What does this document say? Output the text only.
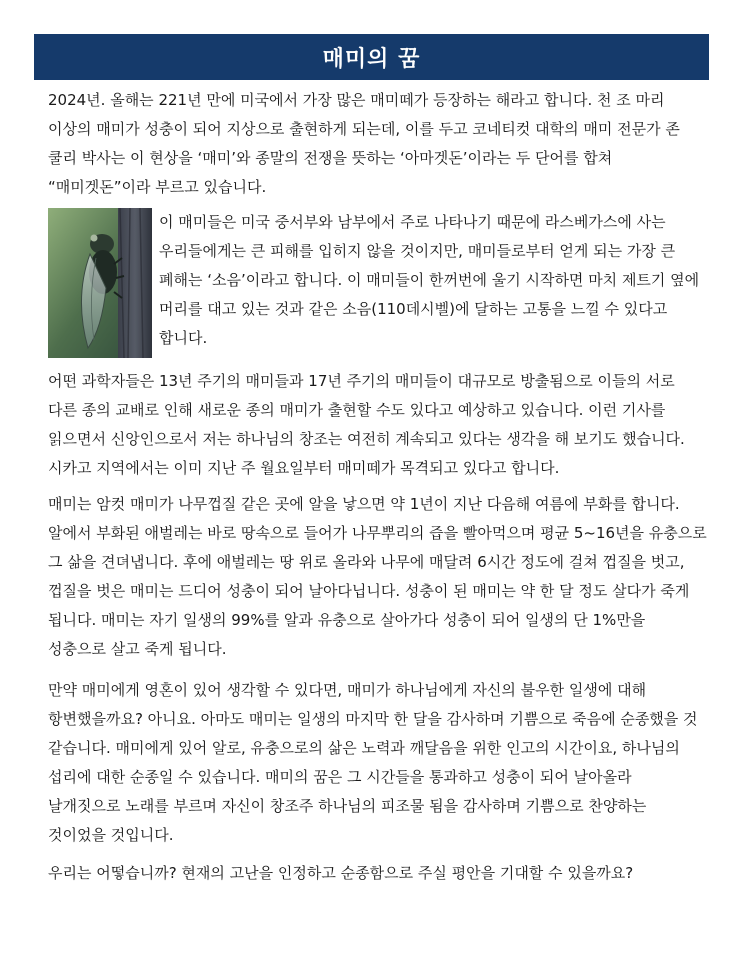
매미의 꿈

2024년. 올해는 221년 만에 미국에서 가장 많은 매미떼가 등장하는 해라고 합니다. 천 조 마리 이상의 매미가 성충이 되어 지상으로 출현하게 되는데, 이를 두고 코네티컷 대학의 매미 전문가 존 쿨리 박사는 이 현상을 ‘매미’와 종말의 전쟁을 뜻하는 ‘아마겟돈’이라는 두 단어를 합쳐 “매미겟돈”이라 부르고 있습니다.

이 매미들은 미국 중서부와 남부에서 주로 나타나기 때문에 라스베가스에 사는 우리들에게는 큰 피해를 입히지 않을 것이지만, 매미들로부터 얻게 되는 가장 큰 폐해는 ‘소음’이라고 합니다. 이 매미들이 한꺼번에 울기 시작하면 마치 제트기 옆에 머리를 대고 있는 것과 같은 소음(110데시벨)에 달하는 고통을 느낄 수 있다고 합니다.

어떤 과학자들은 13년 주기의 매미들과 17년 주기의 매미들이 대규모로 방출됨으로 이들의 서로 다른 종의 교배로 인해 새로운 종의 매미가 출현할 수도 있다고 예상하고 있습니다. 이런 기사를 읽으면서 신앙인으로서 저는 하나님의 창조는 여전히 계속되고 있다는 생각을 해 보기도 했습니다. 시카고 지역에서는 이미 지난 주 월요일부터 매미떼가 목격되고 있다고 합니다.

매미는 암컷 매미가 나무껍질 같은 곳에 알을 낳으면 약 1년이 지난 다음해 여름에 부화를 합니다. 알에서 부화된 애벌레는 바로 땅속으로 들어가 나무뿌리의 즙을 빨아먹으며 평균 5~16년을 유충으로 그 삶을 견뎌냅니다. 후에 애벌레는 땅 위로 올라와 나무에 매달려 6시간 정도에 걸쳐 껍질을 벗고, 껍질을 벗은 매미는 드디어 성충이 되어 날아다닙니다. 성충이 된 매미는 약 한 달 정도 살다가 죽게 됩니다. 매미는 자기 일생의 99%를 알과 유충으로 살아가다 성충이 되어 일생의 단 1%만을 성충으로 살고 죽게 됩니다.

만약 매미에게 영혼이 있어 생각할 수 있다면, 매미가 하나님에게 자신의 불우한 일생에 대해 항변했을까요? 아니요. 아마도 매미는 일생의 마지막 한 달을 감사하며 기쁨으로 죽음에 순종했을 것 같습니다. 매미에게 있어 알로, 유충으로의 삶은 노력과 깨달음을 위한 인고의 시간이요, 하나님의 섭리에 대한 순종일 수 있습니다. 매미의 꿈은 그 시간들을 통과하고 성충이 되어 날아올라 날개짓으로 노래를 부르며 자신이 창조주 하나님의 피조물 됨을 감사하며 기쁨으로 찬양하는 것이었을 것입니다.

우리는 어떻습니까? 현재의 고난을 인정하고 순종함으로 주실 평안을 기대할 수 있을까요?
